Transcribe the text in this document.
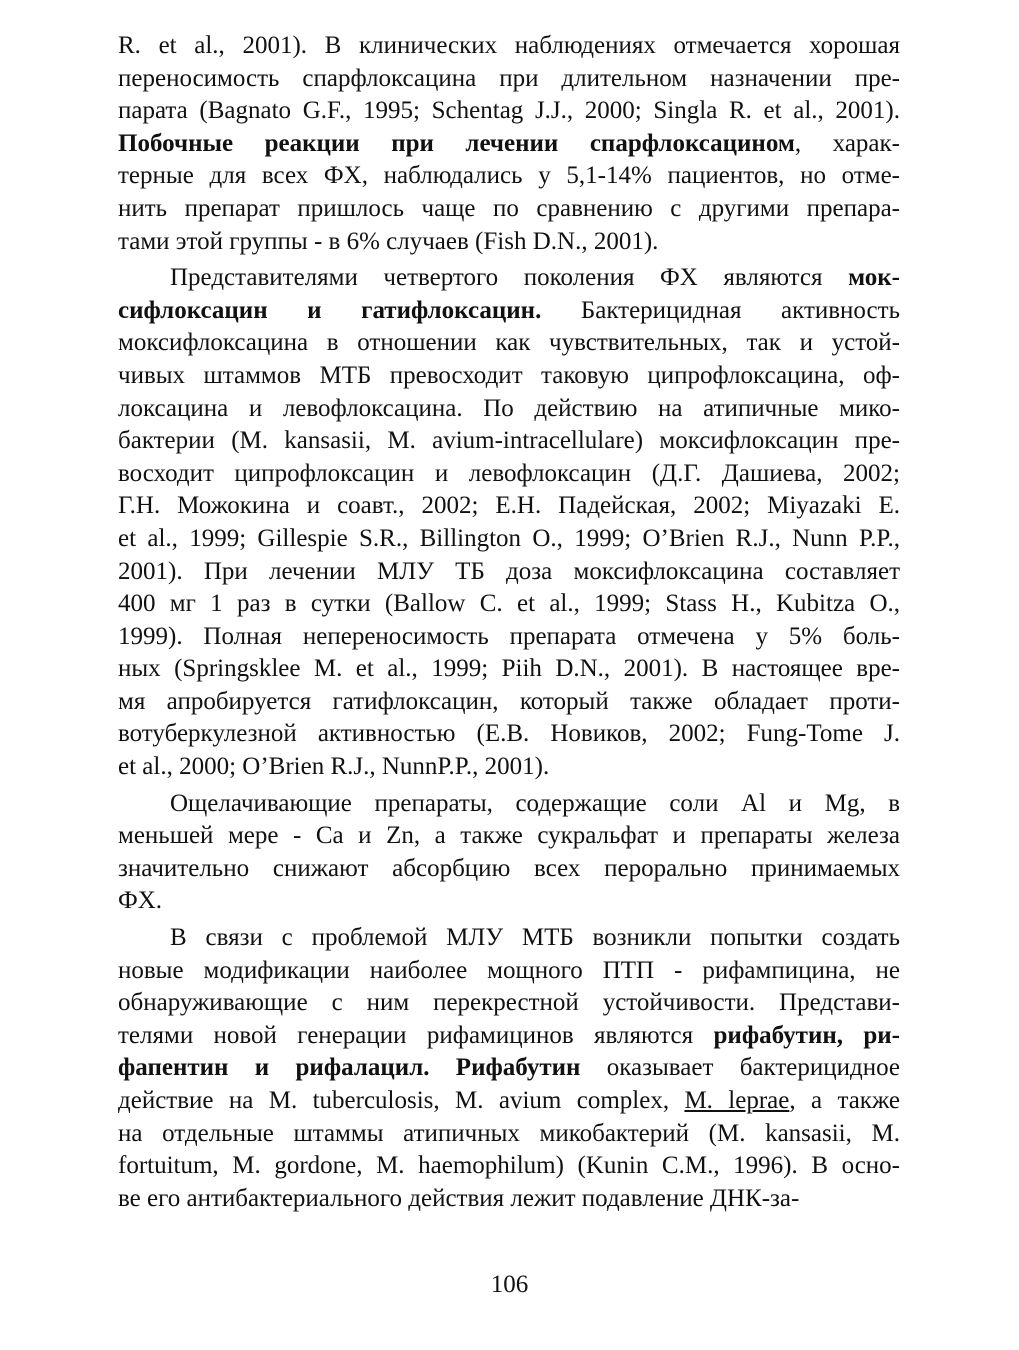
R. et al., 2001). В клинических наблюдениях отмечается хорошая
переносимость спарфлоксацина при длительном назначении пре-
парата (Bagnato G.F., 1995; Schentag J.J., 2000; Singla R. et al., 2001).
Побочные реакции при лечении спарфлоксацином, харак-
терные для всех ФХ, наблюдались у 5,1-14% пациентов, но отме-
нить препарат пришлось чаще по сравнению с другими препара-
тами этой группы - в 6% случаев (Fish D.N., 2001).
Представителями четвертого поколения ФХ являются мок-
сифлоксацин и гатифлоксацин. Бактерицидная активность
моксифлоксацина в отношении как чувствительных, так и устой-
чивых штаммов МТБ превосходит таковую ципрофлоксацина, оф-
локсацина и левофлоксацина. По действию на атипичные мико-
бактерии (M. kansasii, M. avium-intracellulare) моксифлоксацин пре-
восходит ципрофлоксацин и левофлоксацин (Д.Г. Дашиева, 2002;
Г.Н. Можокина и соавт., 2002; Е.Н. Падейская, 2002; Miyazaki E.
et al., 1999; Gillespie S.R., Billington O., 1999; O’Brien R.J., Nunn P.P.,
2001). При лечении МЛУ ТБ доза моксифлоксацина составляет
400 мг 1 раз в сутки (Ballow C. et al., 1999; Stass H., Kubitza O.,
1999). Полная непереносимость препарата отмечена у 5% боль-
ных (Springsklee M. et al., 1999; Piih D.N., 2001). В настоящее вре-
мя апробируется гатифлоксацин, который также обладает проти-
вотуберкулезной активностью (Е.В. Новиков, 2002; Fung-Tome J.
et al., 2000; O’Brien R.J., NunnP.P., 2001).
Ощелачивающие препараты, содержащие соли Al и Mg, в
меньшей мере - Са и Zn, а также сукральфат и препараты железа
значительно снижают абсорбцию всех перорально принимаемых
ФХ.
В связи с проблемой МЛУ МТБ возникли попытки создать
новые модификации наиболее мощного ПТП - рифампицина, не
обнаруживающие с ним перекрестной устойчивости. Представи-
телями новой генерации рифамицинов являются рифабутин, ри-
фапентин и рифалацил. Рифабутин оказывает бактерицидное
действие на M. tuberculosis, M. avium complex, M. leprae, а также
на отдельные штаммы атипичных микобактерий (M. kansasii, M.
fortuitum, M. gordone, M. haemophilum) (Kunin C.M., 1996). В осно-
ве его антибактериального действия лежит подавление ДНК-за-
106
